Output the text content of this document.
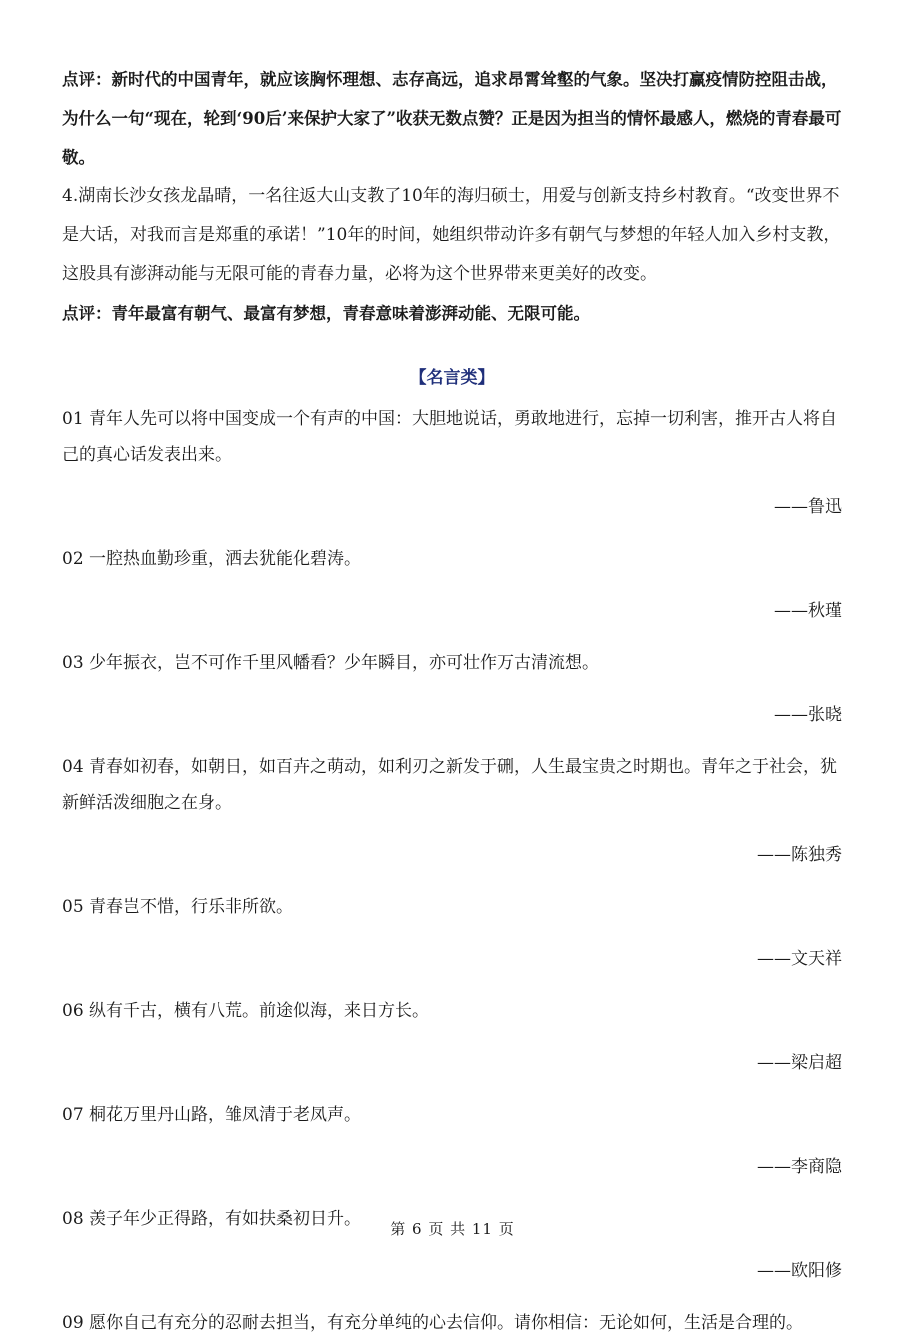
点评：新时代的中国青年，就应该胸怀理想、志存高远，追求昂霄耸壑的气象。坚决打赢疫情防控阻击战，为什么一句“现在，轮到‘90后’来保护大家了”收获无数点赞？正是因为担当的情怀最感人，燃烧的青春最可敬。

4.湖南长沙女孩龙晶晴，一名往返大山支教了10年的海归硕士，用爱与创新支持乡村教育。“改变世界不是大话，对我而言是郑重的承诺！”10年的时间，她组织带动许多有朝气与梦想的年轻人加入乡村支教，这股具有澎湃动能与无限可能的青春力量，必将为这个世界带来更美好的改变。

点评：青年最富有朝气、最富有梦想，青春意味着澎湃动能、无限可能。

【名言类】

01 青年人先可以将中国变成一个有声的中国：大胆地说话，勇敢地进行，忘掉一切利害，推开古人将自己的真心话发表出来。

——鲁迅

02 一腔热血勤珍重，洒去犹能化碧涛。

——秋瑾

03 少年振衣，岂不可作千里风幡看？少年瞬目，亦可壮作万古清流想。

——张晓

04 青春如初春，如朝日，如百卉之萌动，如利刃之新发于硎，人生最宝贵之时期也。青年之于社会，犹新鲜活泼细胞之在身。

——陈独秀

05 青春岂不惜，行乐非所欲。

——文天祥

06 纵有千古，横有八荒。前途似海，来日方长。

——梁启超

07 桐花万里丹山路，雏凤清于老凤声。

——李商隐

08 羡子年少正得路，有如扶桑初日升。

——欧阳修

09 愿你自己有充分的忍耐去担当，有充分单纯的心去信仰。请你相信：无论如何，生活是合理的。

第 6 页 共 11 页
